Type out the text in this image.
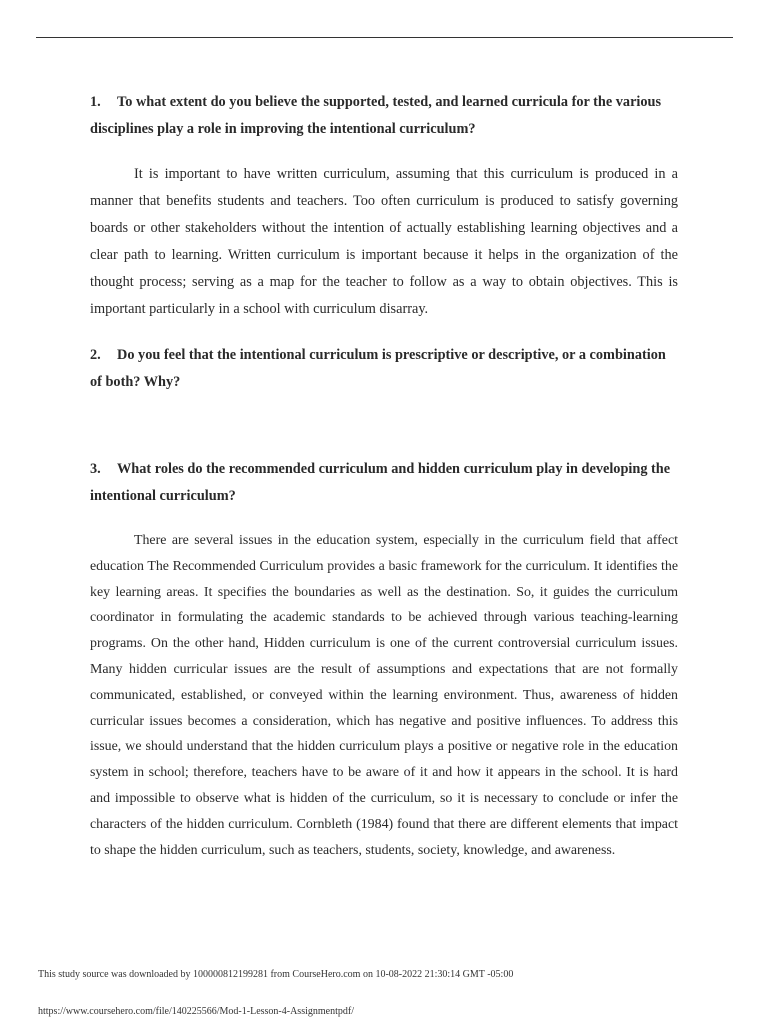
1. To what extent do you believe the supported, tested, and learned curricula for the various disciplines play a role in improving the intentional curriculum?

It is important to have written curriculum, assuming that this curriculum is produced in a manner that benefits students and teachers. Too often curriculum is produced to satisfy governing boards or other stakeholders without the intention of actually establishing learning objectives and a clear path to learning. Written curriculum is important because it helps in the organization of the thought process; serving as a map for the teacher to follow as a way to obtain objectives. This is important particularly in a school with curriculum disarray.

2. Do you feel that the intentional curriculum is prescriptive or descriptive, or a combination of both? Why?

3. What roles do the recommended curriculum and hidden curriculum play in developing the intentional curriculum?

There are several issues in the education system, especially in the curriculum field that affect education The Recommended Curriculum provides a basic framework for the curriculum. It identifies the key learning areas. It specifies the boundaries as well as the destination. So, it guides the curriculum coordinator in formulating the academic standards to be achieved through various teaching-learning programs. On the other hand, Hidden curriculum is one of the current controversial curriculum issues. Many hidden curricular issues are the result of assumptions and expectations that are not formally communicated, established, or conveyed within the learning environment. Thus, awareness of hidden curricular issues becomes a consideration, which has negative and positive influences. To address this issue, we should understand that the hidden curriculum plays a positive or negative role in the education system in school; therefore, teachers have to be aware of it and how it appears in the school. It is hard and impossible to observe what is hidden of the curriculum, so it is necessary to conclude or infer the characters of the hidden curriculum. Cornbleth (1984) found that there are different elements that impact to shape the hidden curriculum, such as teachers, students, society, knowledge, and awareness.

This study source was downloaded by 100000812199281 from CourseHero.com on 10-08-2022 21:30:14 GMT -05:00
https://www.coursehero.com/file/140225566/Mod-1-Lesson-4-Assignmentpdf/
